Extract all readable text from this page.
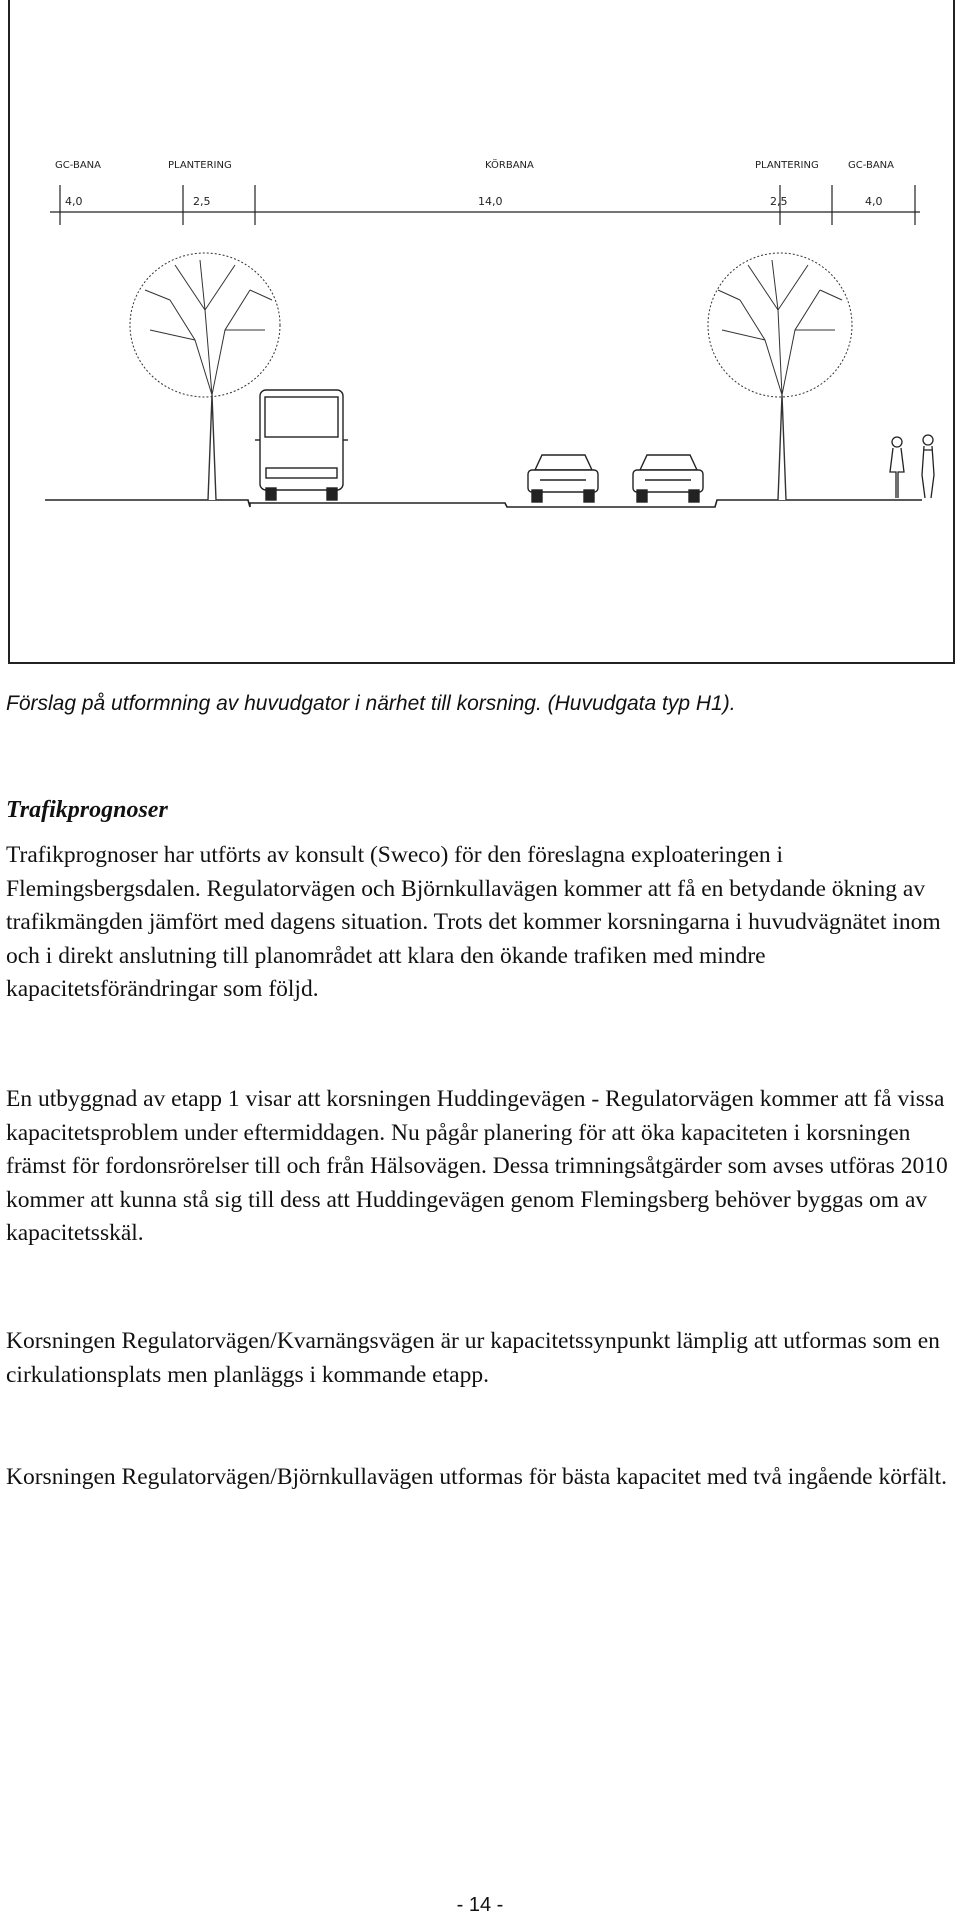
GC-BANA	PLANTERING	KÖRBANA	PLANTERING	GC-BANA
4,0	2,5	14,0	2,5	4,0

Förslag på utformning av huvudgator i närhet till korsning. (Huvudgata typ H1).

Trafikprognoser

Trafikprognoser har utförts av konsult (Sweco) för den föreslagna exploateringen i Flemingsbergsdalen. Regulatorvägen och Björnkullavägen kommer att få en betydande ökning av trafikmängden jämfört med dagens situation. Trots det kommer korsningarna i huvudvägnätet inom och i direkt anslutning till planområdet att klara den ökande trafiken med mindre kapacitetsförändringar som följd.

En utbyggnad av etapp 1 visar att korsningen Huddingevägen - Regulatorvägen kommer att få vissa kapacitetsproblem under eftermiddagen. Nu pågår planering för att öka kapaciteten i korsningen främst för fordonsrörelser till och från Hälsovägen. Dessa trimningsåtgärder som avses utföras 2010 kommer att kunna stå sig till dess att Huddingevägen genom Flemingsberg behöver byggas om av kapacitetsskäl.

Korsningen Regulatorvägen/Kvarnängsvägen är ur kapacitetssynpunkt lämplig att utformas som en cirkulationsplats men planläggs i kommande etapp.

Korsningen Regulatorvägen/Björnkullavägen utformas för bästa kapacitet med två ingående körfält.

- 14 -
